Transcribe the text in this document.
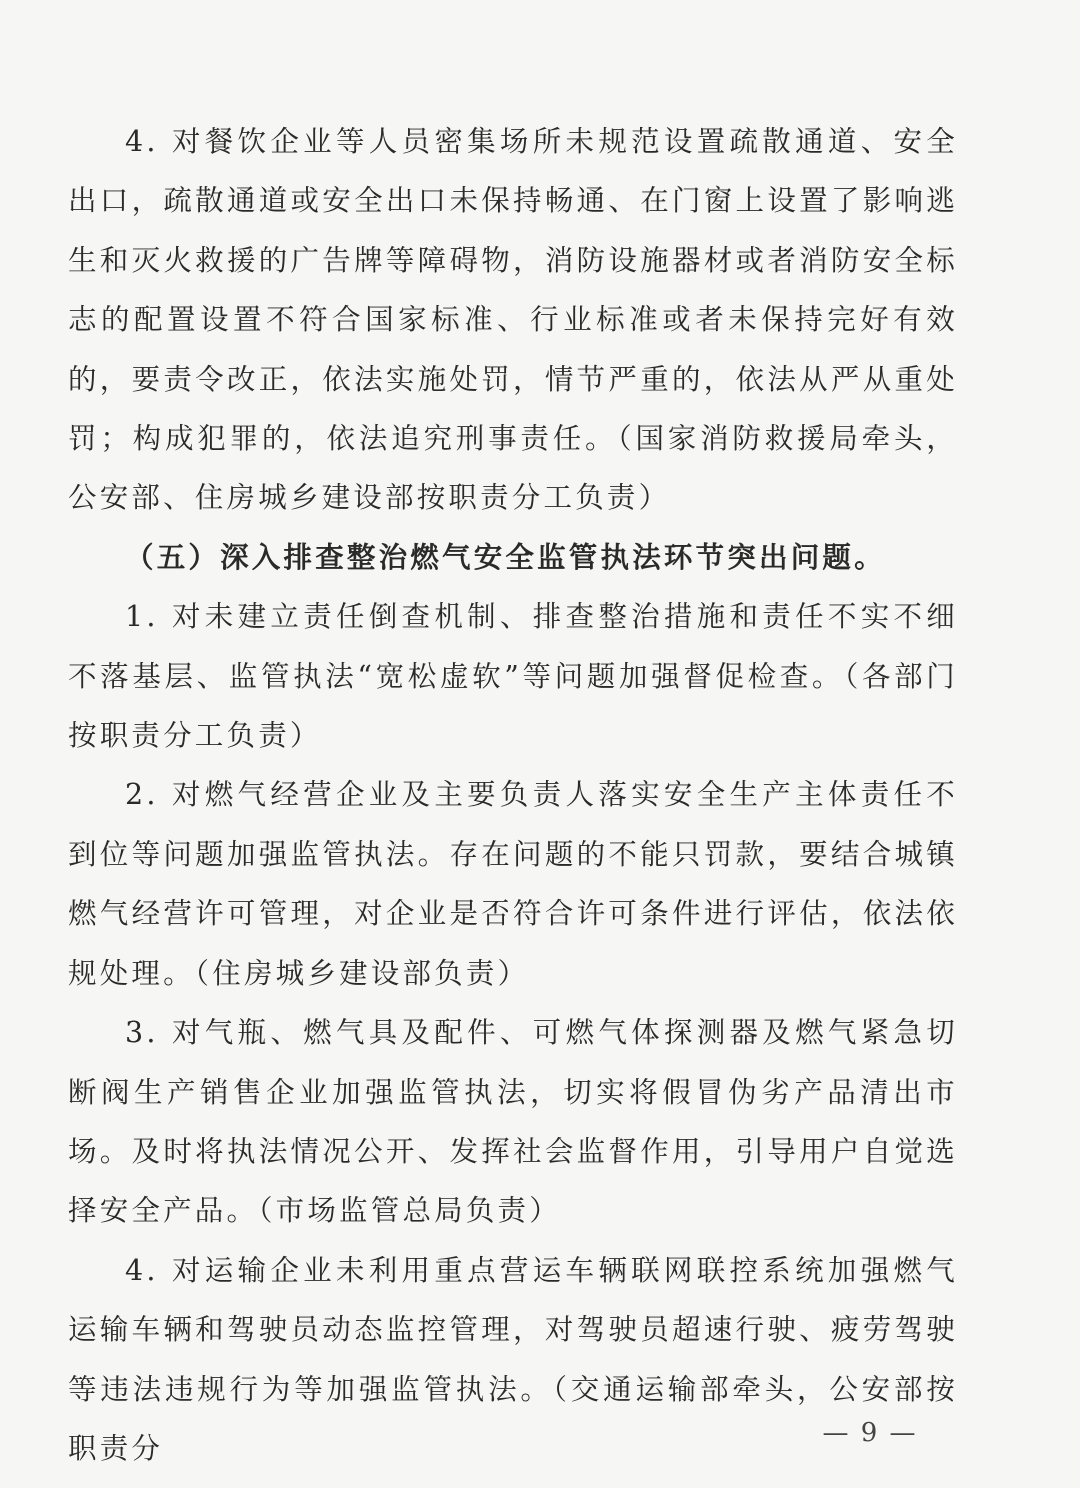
4. 对餐饮企业等人员密集场所未规范设置疏散通道、安全出口，疏散通道或安全出口未保持畅通、在门窗上设置了影响逃生和灭火救援的广告牌等障碍物，消防设施器材或者消防安全标志的配置设置不符合国家标准、行业标准或者未保持完好有效的，要责令改正，依法实施处罚，情节严重的，依法从严从重处罚；构成犯罪的，依法追究刑事责任。（国家消防救援局牵头，公安部、住房城乡建设部按职责分工负责）

（五）深入排查整治燃气安全监管执法环节突出问题。

1. 对未建立责任倒查机制、排查整治措施和责任不实不细不落基层、监管执法“宽松虚软”等问题加强督促检查。（各部门按职责分工负责）

2. 对燃气经营企业及主要负责人落实安全生产主体责任不到位等问题加强监管执法。存在问题的不能只罚款，要结合城镇燃气经营许可管理，对企业是否符合许可条件进行评估，依法依规处理。（住房城乡建设部负责）

3. 对气瓶、燃气具及配件、可燃气体探测器及燃气紧急切断阀生产销售企业加强监管执法，切实将假冒伪劣产品清出市场。及时将执法情况公开、发挥社会监督作用，引导用户自觉选择安全产品。（市场监管总局负责）

4. 对运输企业未利用重点营运车辆联网联控系统加强燃气运输车辆和驾驶员动态监控管理，对驾驶员超速行驶、疲劳驾驶等违法违规行为等加强监管执法。（交通运输部牵头，公安部按职责分	— 9 —
